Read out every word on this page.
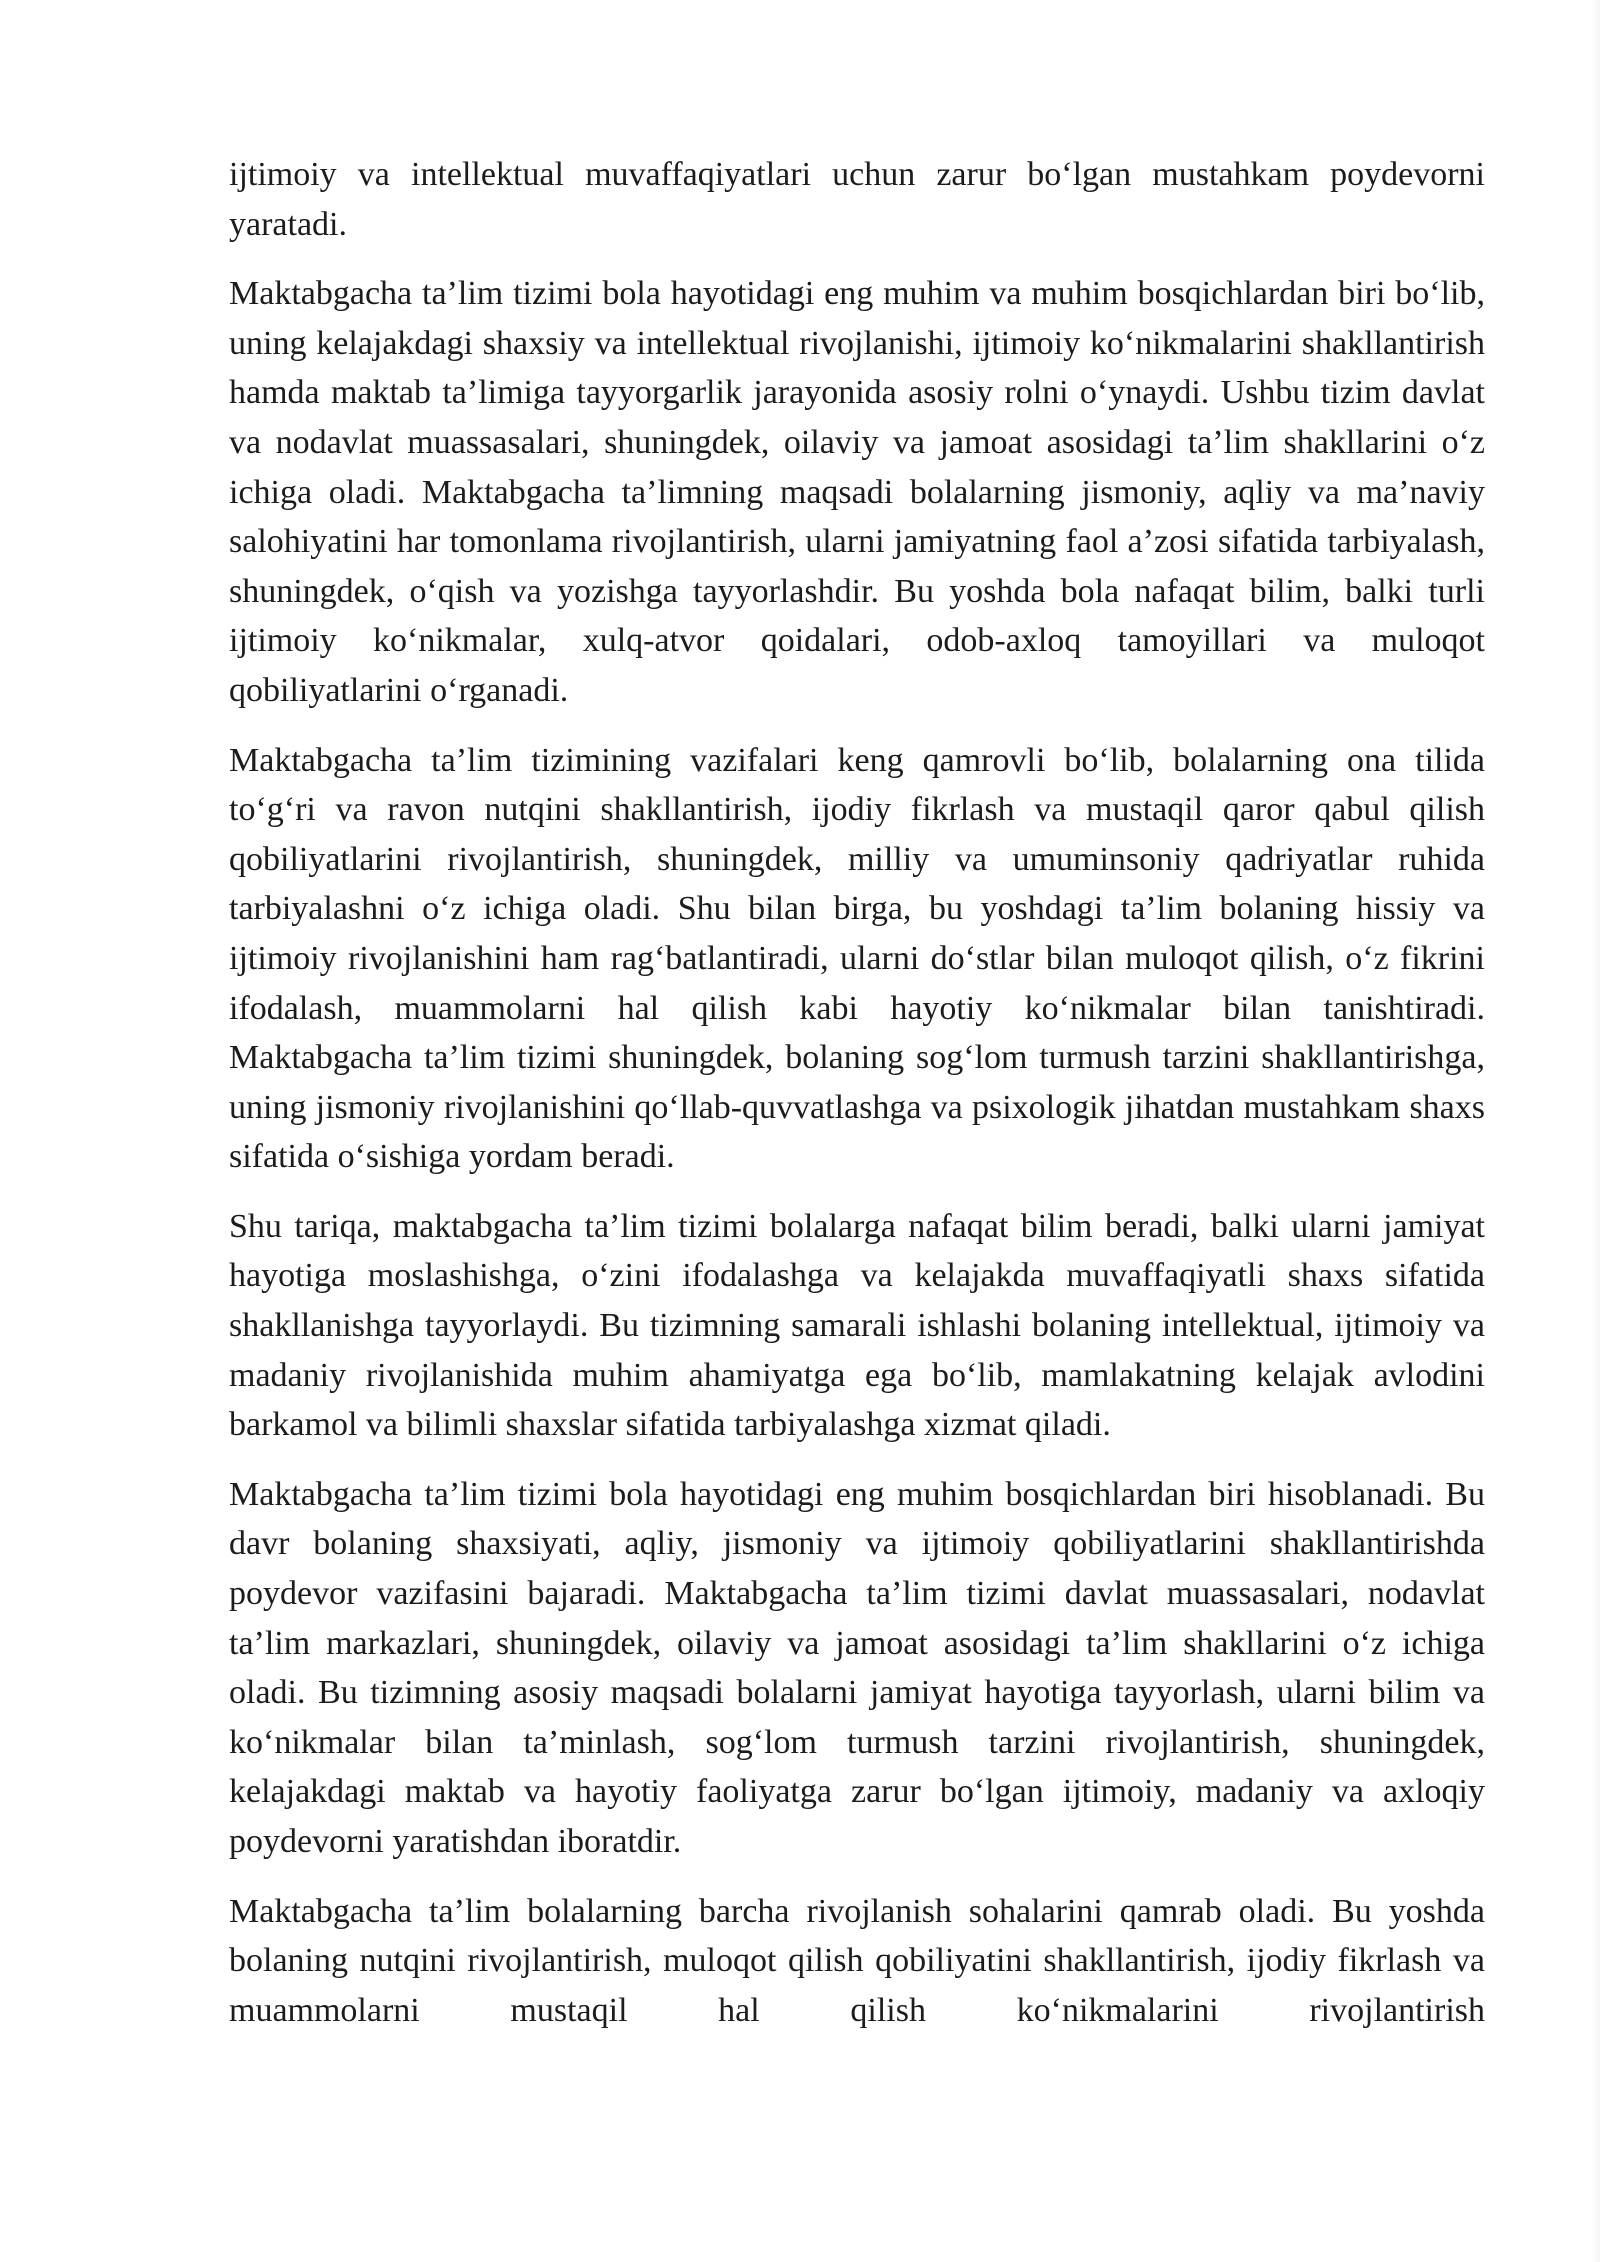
ijtimoiy va intellektual muvaffaqiyatlari uchun zarur bo‘lgan mustahkam poydevorni yaratadi.

Maktabgacha ta’lim tizimi bola hayotidagi eng muhim va muhim bosqichlardan biri bo‘lib, uning kelajakdagi shaxsiy va intellektual rivojlanishi, ijtimoiy ko‘nikmalarini shakllantirish hamda maktab ta’limiga tayyorgarlik jarayonida asosiy rolni o‘ynaydi. Ushbu tizim davlat va nodavlat muassasalari, shuningdek, oilaviy va jamoat asosidagi ta’lim shakllarini o‘z ichiga oladi. Maktabgacha ta’limning maqsadi bolalarning jismoniy, aqliy va ma’naviy salohiyatini har tomonlama rivojlantirish, ularni jamiyatning faol a’zosi sifatida tarbiyalash, shuningdek, o‘qish va yozishga tayyorlashdir. Bu yoshda bola nafaqat bilim, balki turli ijtimoiy ko‘nikmalar, xulq-atvor qoidalari, odob-axloq tamoyillari va muloqot qobiliyatlarini o‘rganadi.

Maktabgacha ta’lim tizimining vazifalari keng qamrovli bo‘lib, bolalarning ona tilida to‘g‘ri va ravon nutqini shakllantirish, ijodiy fikrlash va mustaqil qaror qabul qilish qobiliyatlarini rivojlantirish, shuningdek, milliy va umuminsoniy qadriyatlar ruhida tarbiyalashni o‘z ichiga oladi. Shu bilan birga, bu yoshdagi ta’lim bolaning hissiy va ijtimoiy rivojlanishini ham rag‘batlantiradi, ularni do‘stlar bilan muloqot qilish, o‘z fikrini ifodalash, muammolarni hal qilish kabi hayotiy ko‘nikmalar bilan tanishtiradi. Maktabgacha ta’lim tizimi shuningdek, bolaning sog‘lom turmush tarzini shakllantirishga, uning jismoniy rivojlanishini qo‘llab-quvvatlashga va psixologik jihatdan mustahkam shaxs sifatida o‘sishiga yordam beradi.

Shu tariqa, maktabgacha ta’lim tizimi bolalarga nafaqat bilim beradi, balki ularni jamiyat hayotiga moslashishga, o‘zini ifodalashga va kelajakda muvaffaqiyatli shaxs sifatida shakllanishga tayyorlaydi. Bu tizimning samarali ishlashi bolaning intellektual, ijtimoiy va madaniy rivojlanishida muhim ahamiyatga ega bo‘lib, mamlakatning kelajak avlodini barkamol va bilimli shaxslar sifatida tarbiyalashga xizmat qiladi.

Maktabgacha ta’lim tizimi bola hayotidagi eng muhim bosqichlardan biri hisoblanadi. Bu davr bolaning shaxsiyati, aqliy, jismoniy va ijtimoiy qobiliyatlarini shakllantirishda poydevor vazifasini bajaradi. Maktabgacha ta’lim tizimi davlat muassasalari, nodavlat ta’lim markazlari, shuningdek, oilaviy va jamoat asosidagi ta’lim shakllarini o‘z ichiga oladi. Bu tizimning asosiy maqsadi bolalarni jamiyat hayotiga tayyorlash, ularni bilim va ko‘nikmalar bilan ta’minlash, sog‘lom turmush tarzini rivojlantirish, shuningdek, kelajakdagi maktab va hayotiy faoliyatga zarur bo‘lgan ijtimoiy, madaniy va axloqiy poydevorni yaratishdan iboratdir.

Maktabgacha ta’lim bolalarning barcha rivojlanish sohalarini qamrab oladi. Bu yoshda bolaning nutqini rivojlantirish, muloqot qilish qobiliyatini shakllantirish, ijodiy fikrlash va muammolarni mustaqil hal qilish ko‘nikmalarini rivojlantirish
